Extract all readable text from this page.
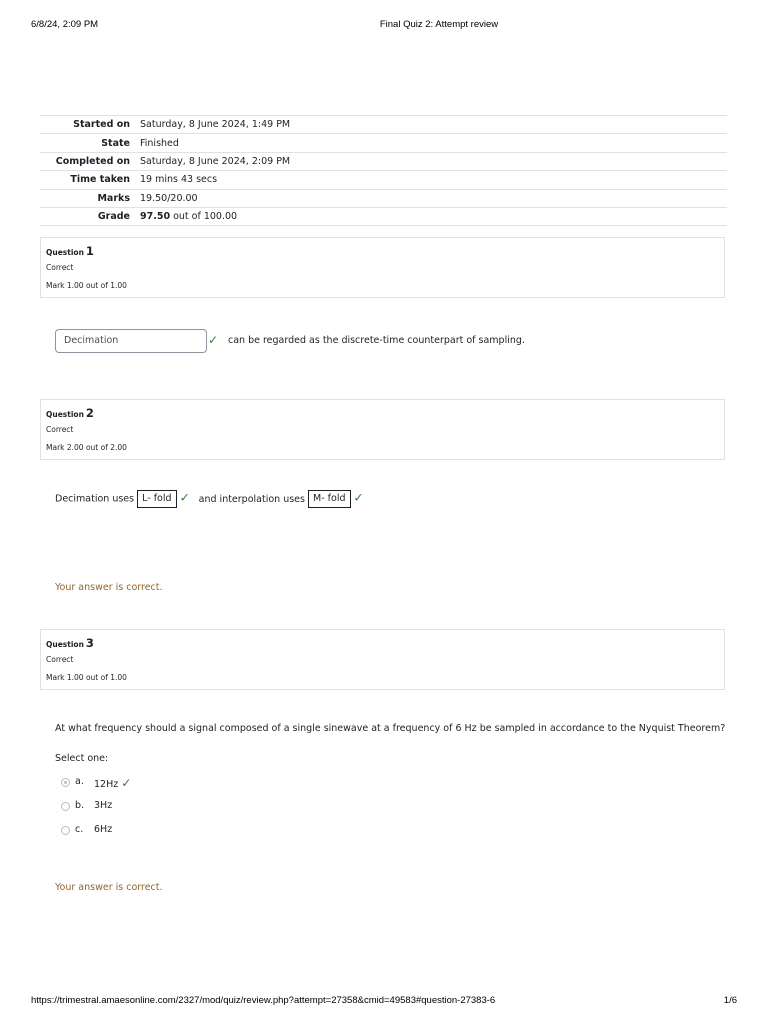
6/8/24, 2:09 PM	Final Quiz 2: Attempt review
Started on	Saturday, 8 June 2024, 1:49 PM
State	Finished
Completed on	Saturday, 8 June 2024, 2:09 PM
Time taken	19 mins 43 secs
Marks	19.50/20.00
Grade	97.50 out of 100.00
Question 1
Correct
Mark 1.00 out of 1.00
Decimation	✓ can be regarded as the discrete-time counterpart of sampling.
Question 2
Correct
Mark 2.00 out of 2.00
Decimation uses L- fold ✓ and interpolation uses M- fold ✓
Your answer is correct.
Question 3
Correct
Mark 1.00 out of 1.00
At what frequency should a signal composed of a single sinewave at a frequency of 6 Hz be sampled in accordance to the Nyquist Theorem?
Select one:
a. 12Hz ✓
b. 3Hz
c. 6Hz
Your answer is correct.
https://trimestral.amaesonline.com/2327/mod/quiz/review.php?attempt=27358&cmid=49583#question-27383-6	1/6
